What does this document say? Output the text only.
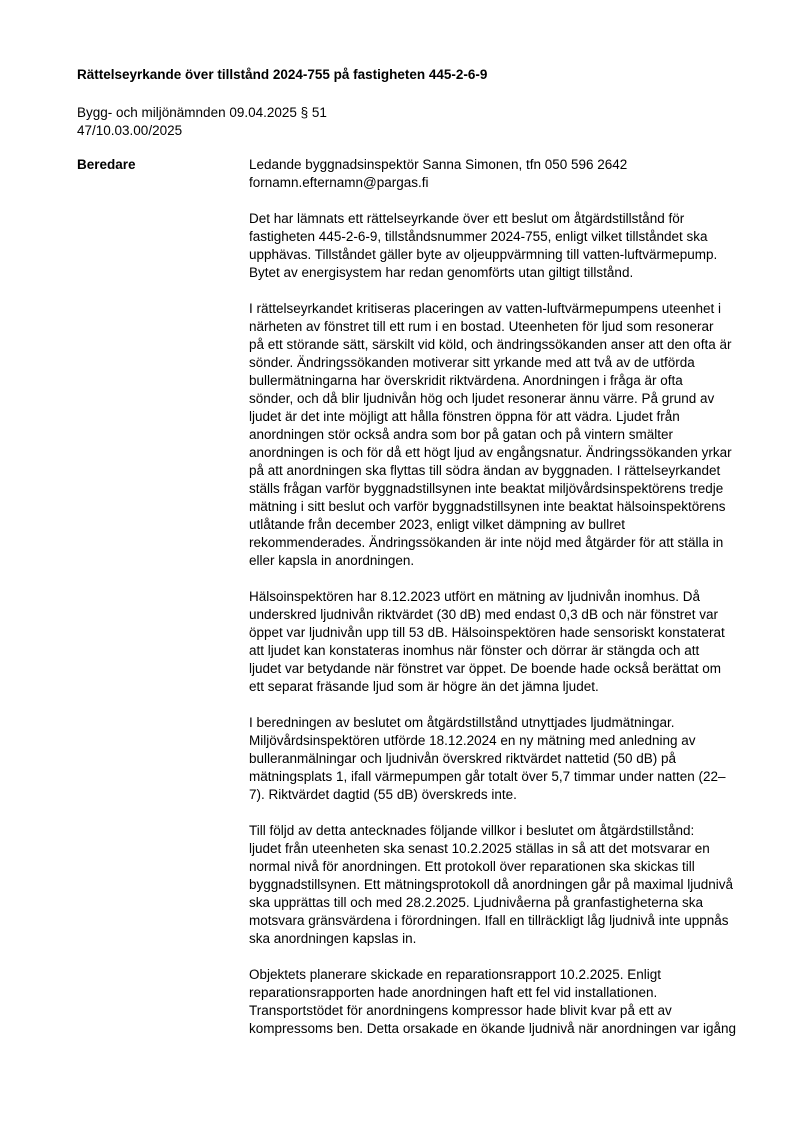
Rättelseyrkande över tillstånd 2024-755 på fastigheten 445-2-6-9
Bygg- och miljönämnden 09.04.2025 § 51
47/10.03.00/2025
Beredare	Ledande byggnadsinspektör Sanna Simonen, tfn 050 596 2642
fornamn.efternamn@pargas.fi
Det har lämnats ett rättelseyrkande över ett beslut om åtgärdstillstånd för
fastigheten 445-2-6-9, tillståndsnummer 2024-755, enligt vilket tillståndet ska
upphävas. Tillståndet gäller byte av oljeuppvärmning till vatten-luftvärmepump.
Bytet av energisystem har redan genomförts utan giltigt tillstånd.
I rättelseyrkandet kritiseras placeringen av vatten-luftvärmepumpens uteenhet i
närheten av fönstret till ett rum i en bostad. Uteenheten för ljud som resonerar
på ett störande sätt, särskilt vid köld, och ändringssökanden anser att den ofta är
sönder. Ändringssökanden motiverar sitt yrkande med att två av de utförda
bullermätningarna har överskridit riktvärdena. Anordningen i fråga är ofta
sönder, och då blir ljudnivån hög och ljudet resonerar ännu värre. På grund av
ljudet är det inte möjligt att hålla fönstren öppna för att vädra. Ljudet från
anordningen stör också andra som bor på gatan och på vintern smälter
anordningen is och för då ett högt ljud av engångsnatur. Ändringssökanden yrkar
på att anordningen ska flyttas till södra ändan av byggnaden. I rättelseyrkandet
ställs frågan varför byggnadstillsynen inte beaktat miljövårdsinspektörens tredje
mätning i sitt beslut och varför byggnadstillsynen inte beaktat hälsoinspektörens
utlåtande från december 2023, enligt vilket dämpning av bullret
rekommenderades. Ändringssökanden är inte nöjd med åtgärder för att ställa in
eller kapsla in anordningen.
Hälsoinspektören har 8.12.2023 utfört en mätning av ljudnivån inomhus. Då
underskred ljudnivån riktvärdet (30 dB) med endast 0,3 dB och när fönstret var
öppet var ljudnivån upp till 53 dB. Hälsoinspektören hade sensoriskt konstaterat
att ljudet kan konstateras inomhus när fönster och dörrar är stängda och att
ljudet var betydande när fönstret var öppet. De boende hade också berättat om
ett separat fräsande ljud som är högre än det jämna ljudet.
I beredningen av beslutet om åtgärdstillstånd utnyttjades ljudmätningar.
Miljövårdsinspektören utförde 18.12.2024 en ny mätning med anledning av
bulleranmälningar och ljudnivån överskred riktvärdet nattetid (50 dB) på
mätningsplats 1, ifall värmepumpen går totalt över 5,7 timmar under natten (22–
7). Riktvärdet dagtid (55 dB) överskreds inte.
Till följd av detta antecknades följande villkor i beslutet om åtgärdstillstånd:
ljudet från uteenheten ska senast 10.2.2025 ställas in så att det motsvarar en
normal nivå för anordningen. Ett protokoll över reparationen ska skickas till
byggnadstillsynen. Ett mätningsprotokoll då anordningen går på maximal ljudnivå
ska upprättas till och med 28.2.2025. Ljudnivåerna på granfastigheterna ska
motsvara gränsvärdena i förordningen. Ifall en tillräckligt låg ljudnivå inte uppnås
ska anordningen kapslas in.
Objektets planerare skickade en reparationsrapport 10.2.2025. Enligt
reparationsrapporten hade anordningen haft ett fel vid installationen.
Transportstödet för anordningens kompressor hade blivit kvar på ett av
kompressoms ben. Detta orsakade en ökande ljudnivå när anordningen var igång
